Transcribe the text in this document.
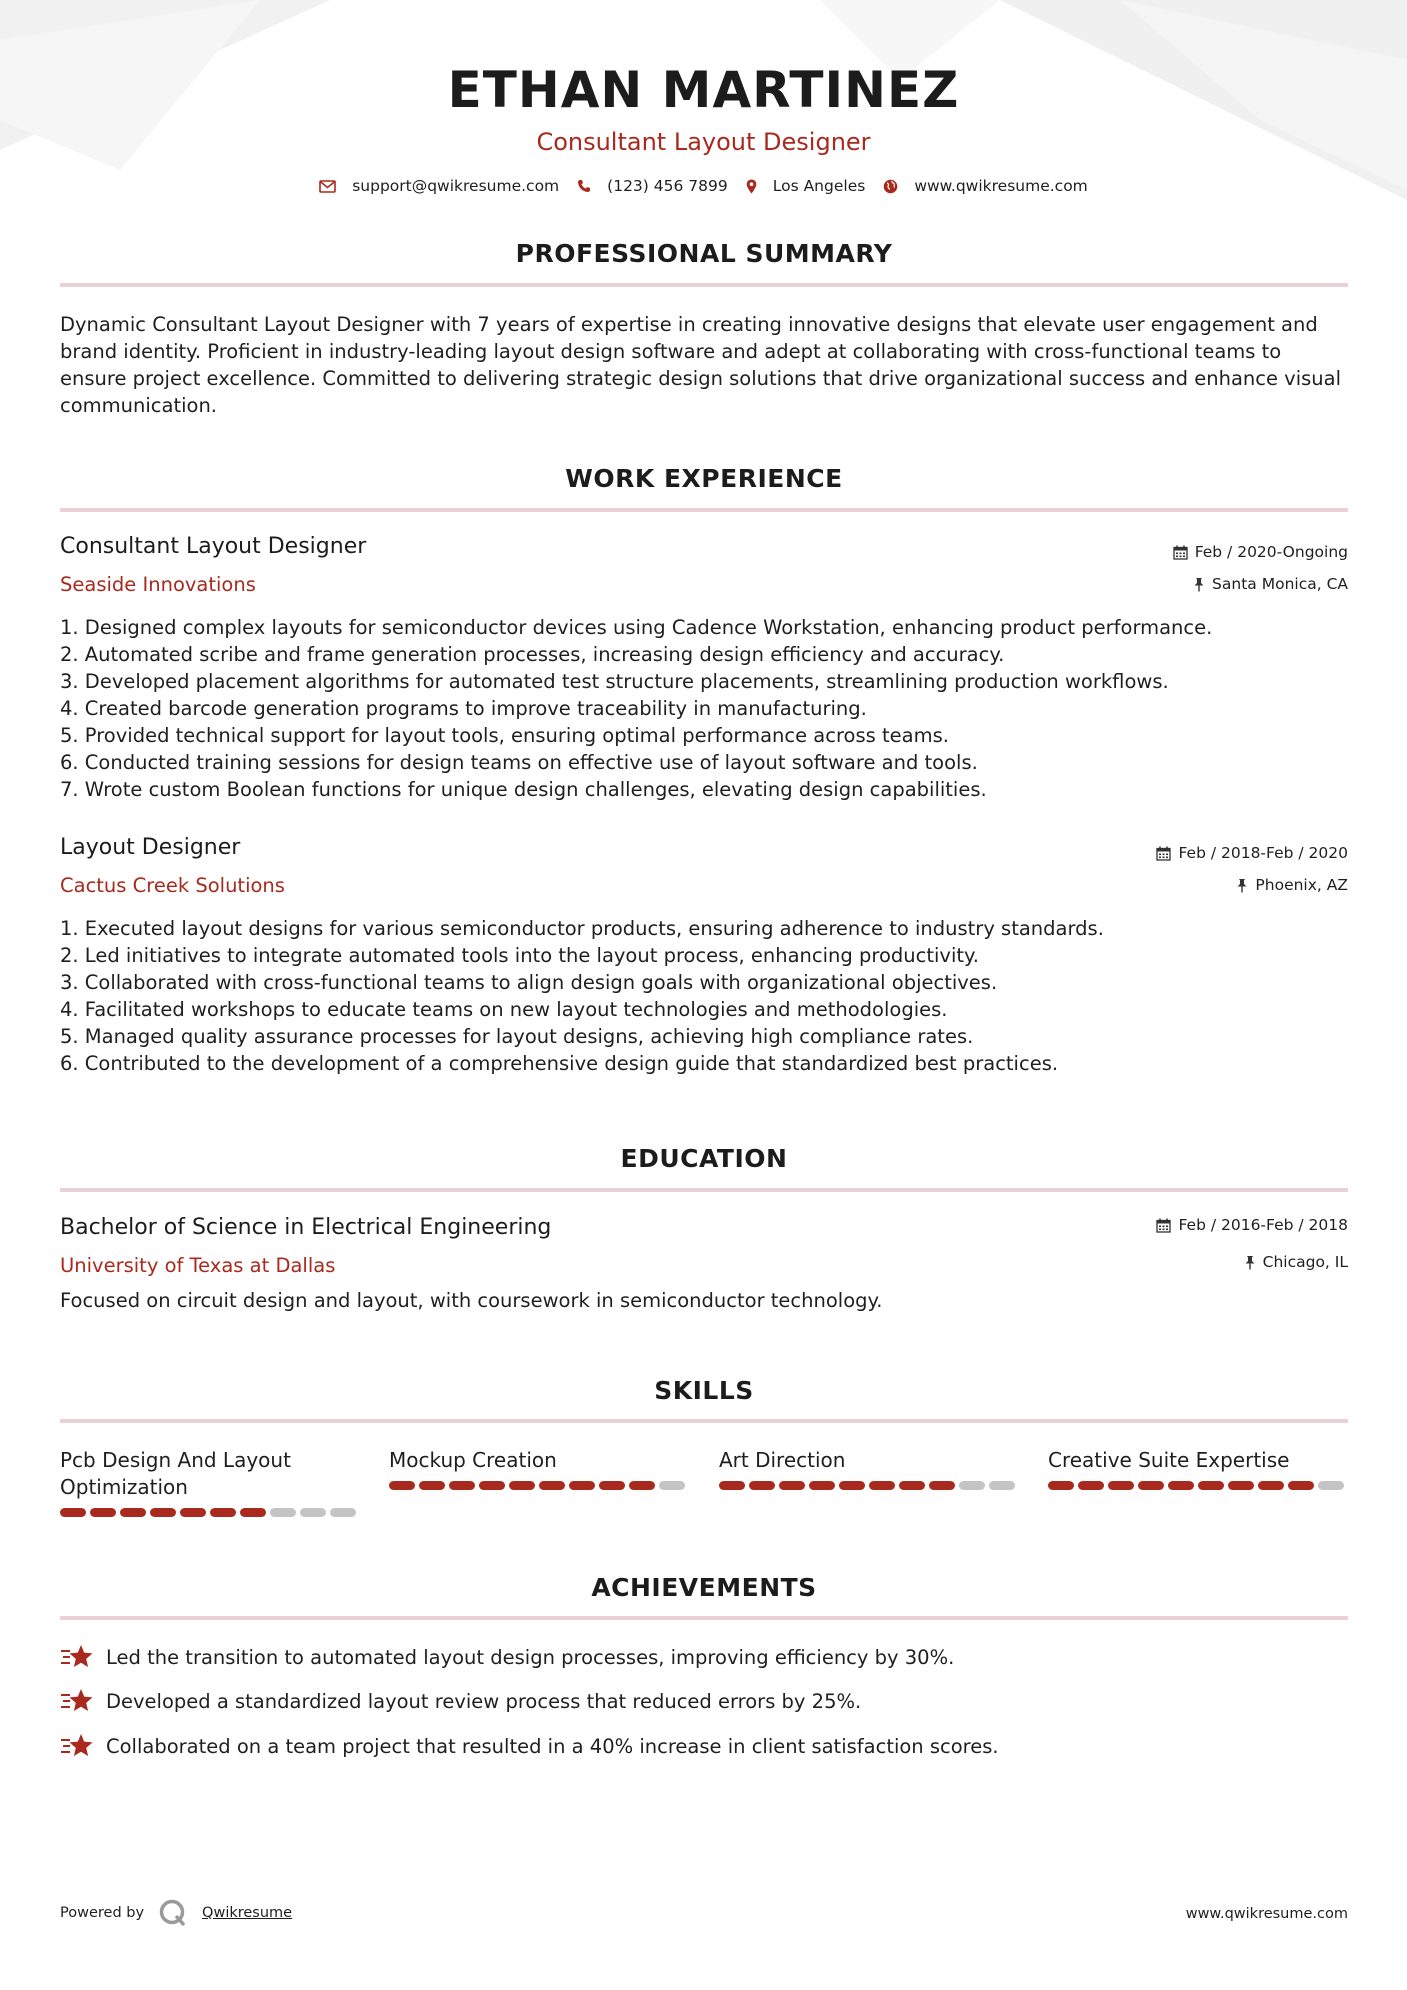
ETHAN MARTINEZ
Consultant Layout Designer
support@qwikresume.com	(123) 456 7899	Los Angeles	www.qwikresume.com
PROFESSIONAL SUMMARY
Dynamic Consultant Layout Designer with 7 years of expertise in creating innovative designs that elevate user engagement and brand identity. Proficient in industry-leading layout design software and adept at collaborating with cross-functional teams to ensure project excellence. Committed to delivering strategic design solutions that drive organizational success and enhance visual communication.
WORK EXPERIENCE
Consultant Layout Designer
Seaside Innovations
Feb / 2020-Ongoing
Santa Monica, CA
1. Designed complex layouts for semiconductor devices using Cadence Workstation, enhancing product performance.
2. Automated scribe and frame generation processes, increasing design efficiency and accuracy.
3. Developed placement algorithms for automated test structure placements, streamlining production workflows.
4. Created barcode generation programs to improve traceability in manufacturing.
5. Provided technical support for layout tools, ensuring optimal performance across teams.
6. Conducted training sessions for design teams on effective use of layout software and tools.
7. Wrote custom Boolean functions for unique design challenges, elevating design capabilities.
Layout Designer
Cactus Creek Solutions
Feb / 2018-Feb / 2020
Phoenix, AZ
1. Executed layout designs for various semiconductor products, ensuring adherence to industry standards.
2. Led initiatives to integrate automated tools into the layout process, enhancing productivity.
3. Collaborated with cross-functional teams to align design goals with organizational objectives.
4. Facilitated workshops to educate teams on new layout technologies and methodologies.
5. Managed quality assurance processes for layout designs, achieving high compliance rates.
6. Contributed to the development of a comprehensive design guide that standardized best practices.
EDUCATION
Bachelor of Science in Electrical Engineering
University of Texas at Dallas
Feb / 2016-Feb / 2018
Chicago, IL
Focused on circuit design and layout, with coursework in semiconductor technology.
SKILLS
Pcb Design And Layout Optimization
Mockup Creation	Art Direction	Creative Suite Expertise
ACHIEVEMENTS
Led the transition to automated layout design processes, improving efficiency by 30%.
Developed a standardized layout review process that reduced errors by 25%.
Collaborated on a team project that resulted in a 40% increase in client satisfaction scores.
Powered by	Qwikresume	www.qwikresume.com
